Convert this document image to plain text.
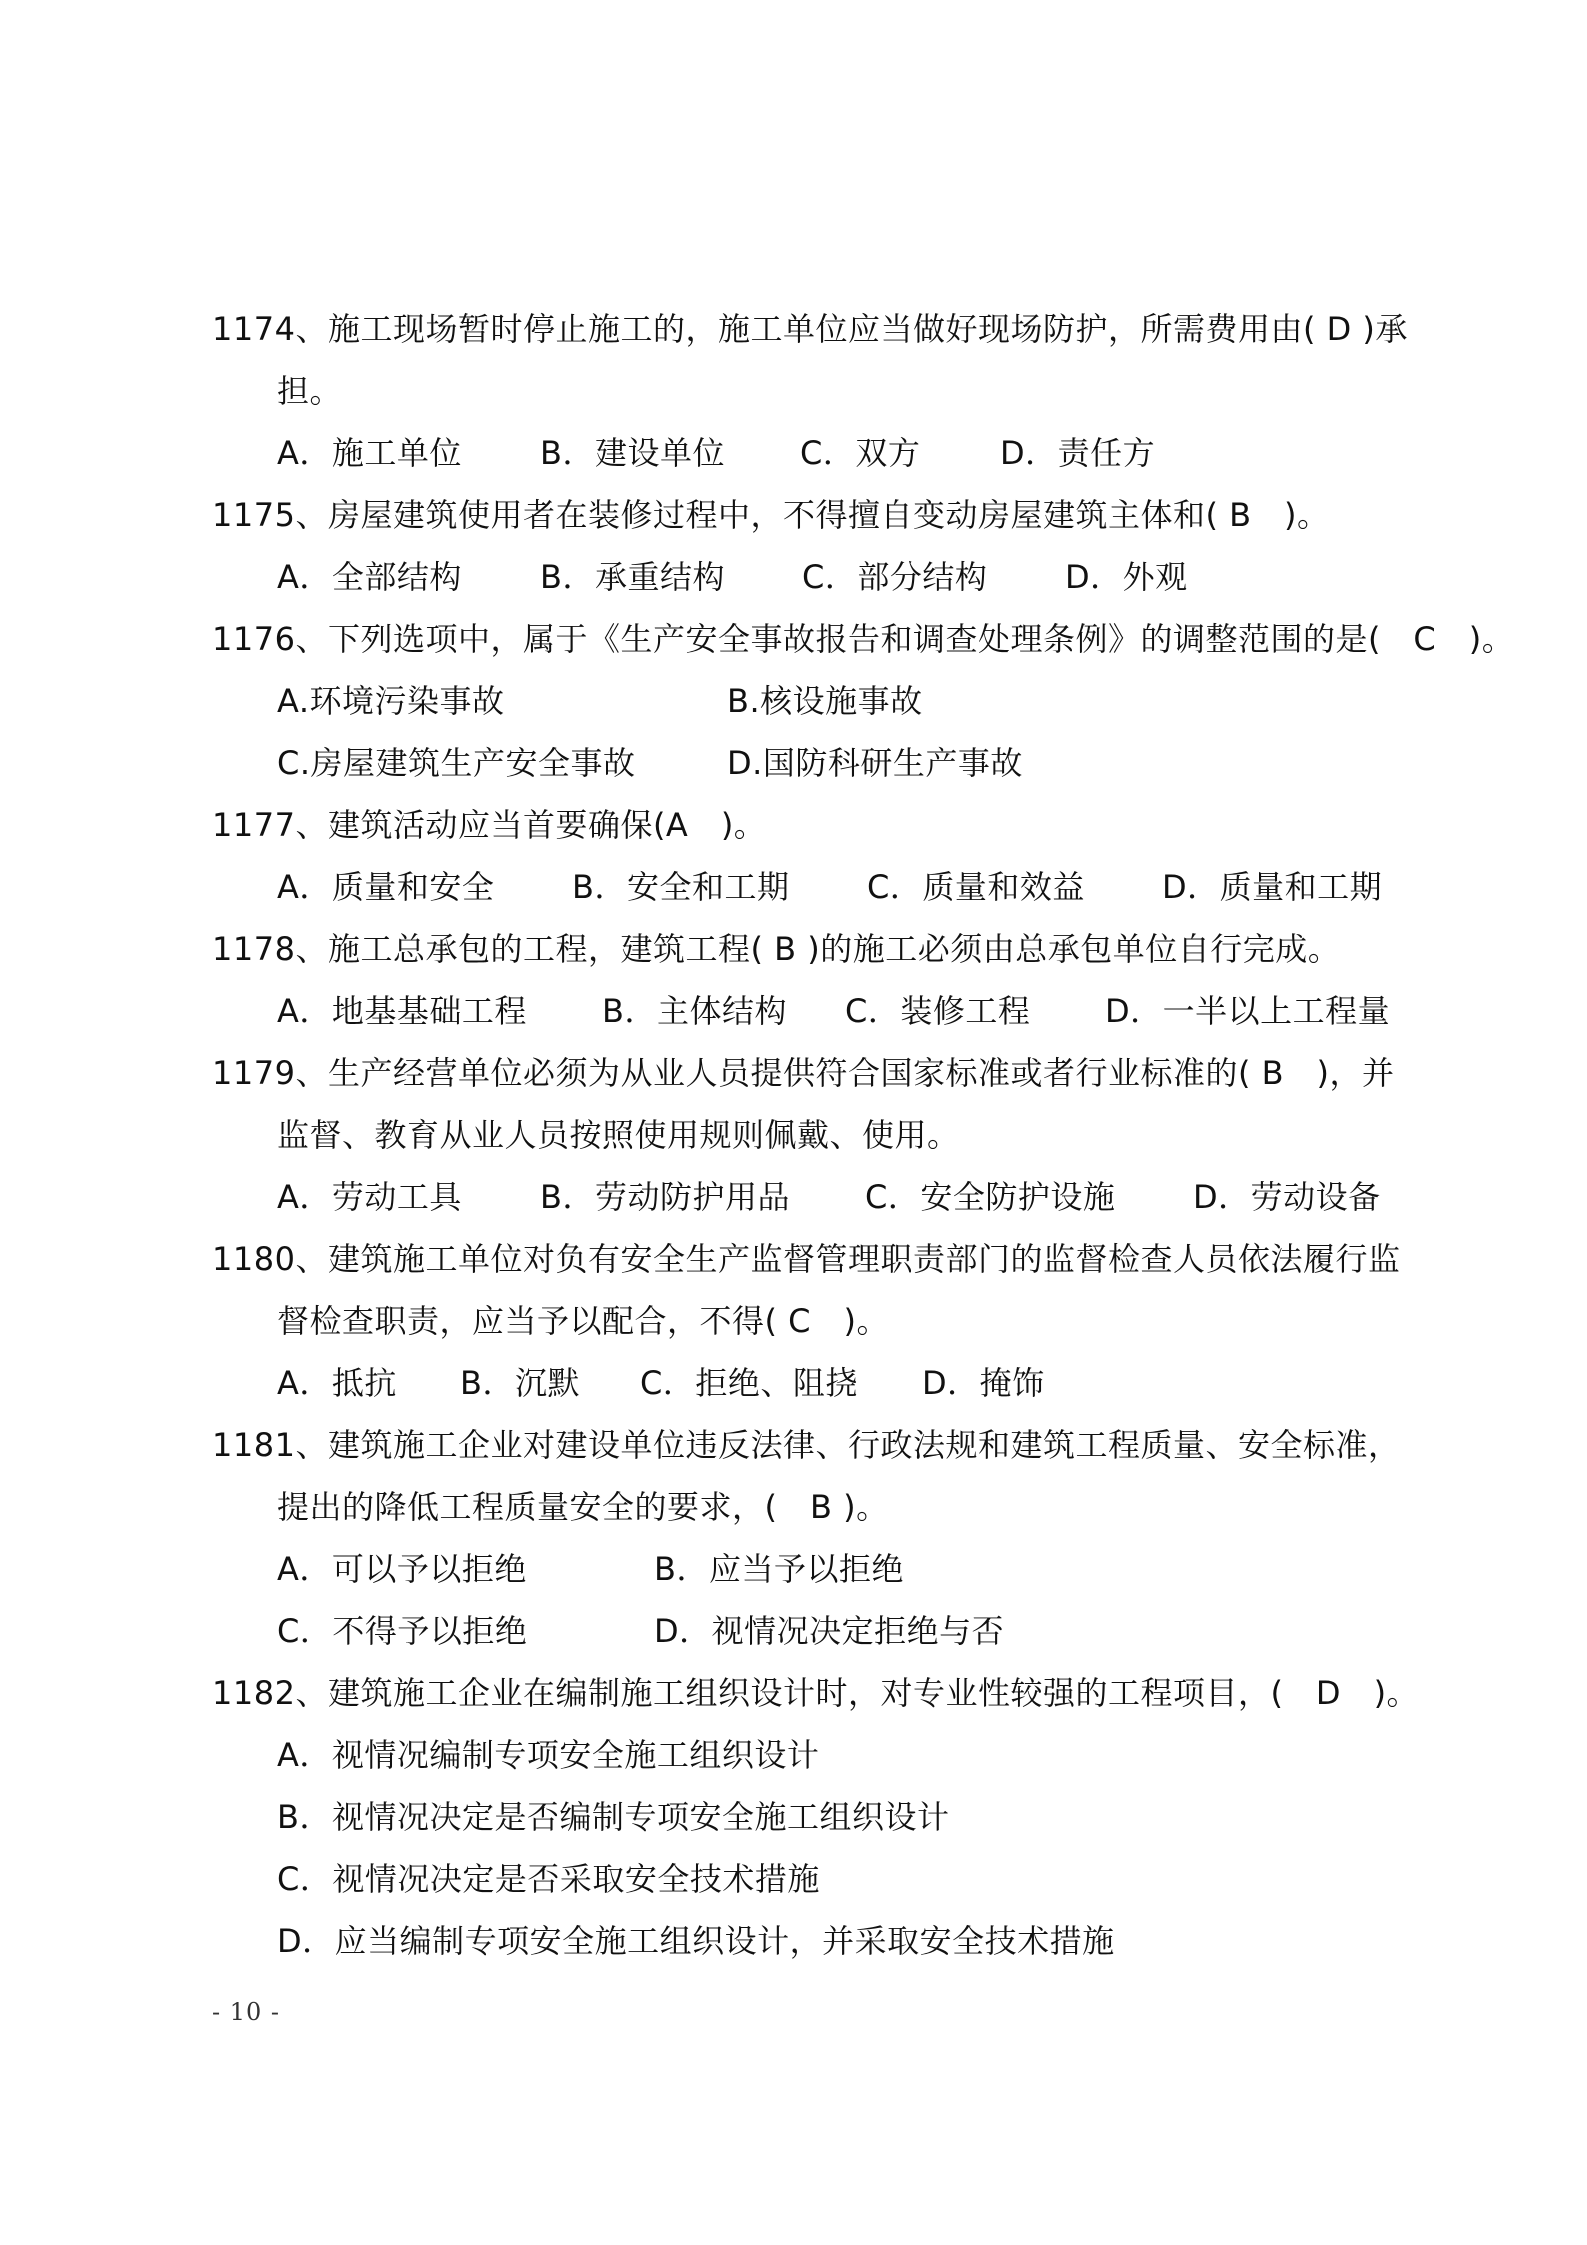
1174、施工现场暂时停止施工的，施工单位应当做好现场防护，所需费用由( D )承
担。
A．施工单位	B．建设单位	C．双方	D．责任方
1175、房屋建筑使用者在装修过程中，不得擅自变动房屋建筑主体和( B　)。
A．全部结构	B．承重结构	C．部分结构	D．外观
1176、下列选项中，属于《生产安全事故报告和调查处理条例》的调整范围的是(　C　)。
A.环境污染事故	B.核设施事故
C.房屋建筑生产安全事故	D.国防科研生产事故
1177、建筑活动应当首要确保(A　)。
A．质量和安全	B．安全和工期	C．质量和效益	D．质量和工期
1178、施工总承包的工程，建筑工程( B )的施工必须由总承包单位自行完成。
A．地基基础工程	B．主体结构	C．装修工程	D．一半以上工程量
1179、生产经营单位必须为从业人员提供符合国家标准或者行业标准的( B　)，并
监督、教育从业人员按照使用规则佩戴、使用。
A．劳动工具	B．劳动防护用品	C．安全防护设施	D．劳动设备
1180、建筑施工单位对负有安全生产监督管理职责部门的监督检查人员依法履行监
督检查职责，应当予以配合，不得( C　)。
A．抵抗	B．沉默	C．拒绝、阻挠	D．掩饰
1181、建筑施工企业对建设单位违反法律、行政法规和建筑工程质量、安全标准，
提出的降低工程质量安全的要求，(　B )。
A．可以予以拒绝	B．应当予以拒绝
C．不得予以拒绝	D．视情况决定拒绝与否
1182、建筑施工企业在编制施工组织设计时，对专业性较强的工程项目，(　D　)。
A．视情况编制专项安全施工组织设计
B．视情况决定是否编制专项安全施工组织设计
C．视情况决定是否采取安全技术措施
D．应当编制专项安全施工组织设计，并采取安全技术措施
- 10 -
